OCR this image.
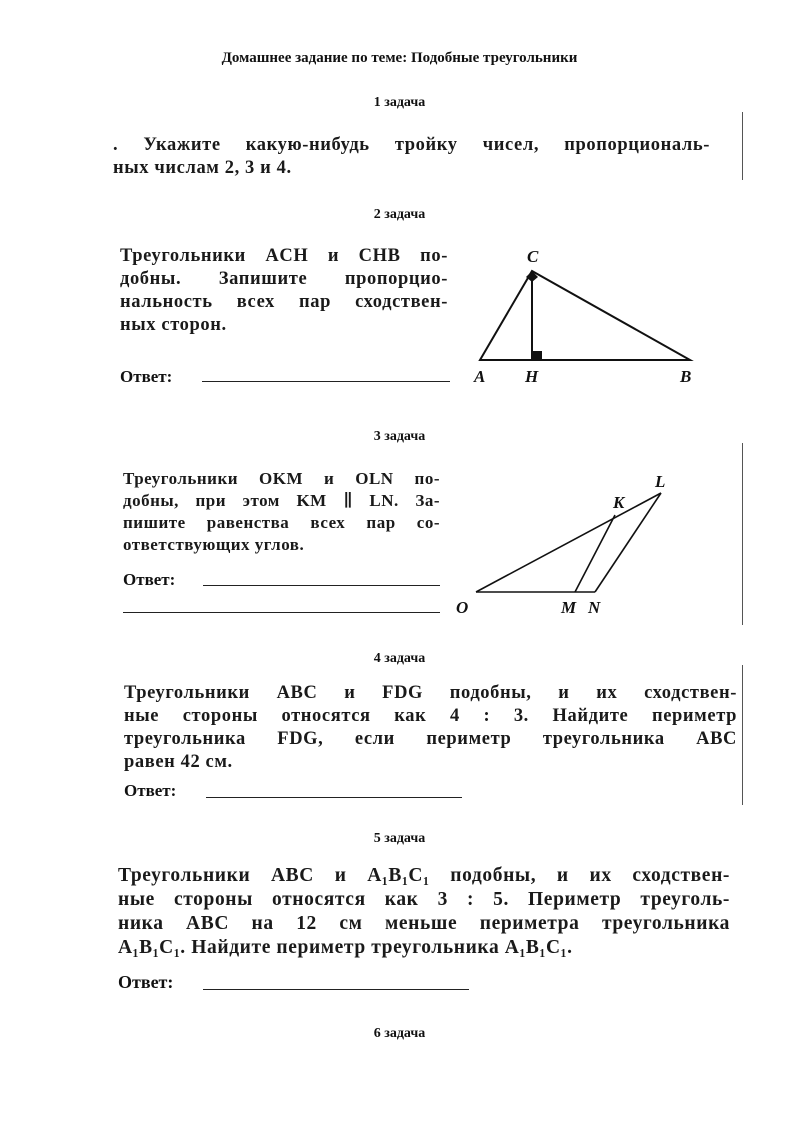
Домашнее задание по теме: Подобные треугольники
1 задача
. Укажите какую-нибудь тройку чисел, пропорциональ-
ных числам 2, 3 и 4.
2 задача
Треугольники ACH и CHB по-
добны. Запишите пропорцио-
нальность всех пар сходствен-
ных сторон.
Ответ:
C
A H	B
3 задача
Треугольники OKM и OLN по-
добны, при этом KM ∥ LN. За-
пишите равенства всех пар со-
ответствующих углов.
Ответ:
L
K
O	M N
4 задача
Треугольники ABC и FDG подобны, и их сходствен-
ные стороны относятся как 4 : 3. Найдите периметр
треугольника FDG, если периметр треугольника ABC
равен 42 см.
Ответ:
5 задача
Треугольники ABC и A₁B₁C₁ подобны, и их сходствен-
ные стороны относятся как 3 : 5. Периметр треуголь-
ника ABC на 12 см меньше периметра треугольника
A₁B₁C₁. Найдите периметр треугольника A₁B₁C₁.
Ответ:
6 задача
